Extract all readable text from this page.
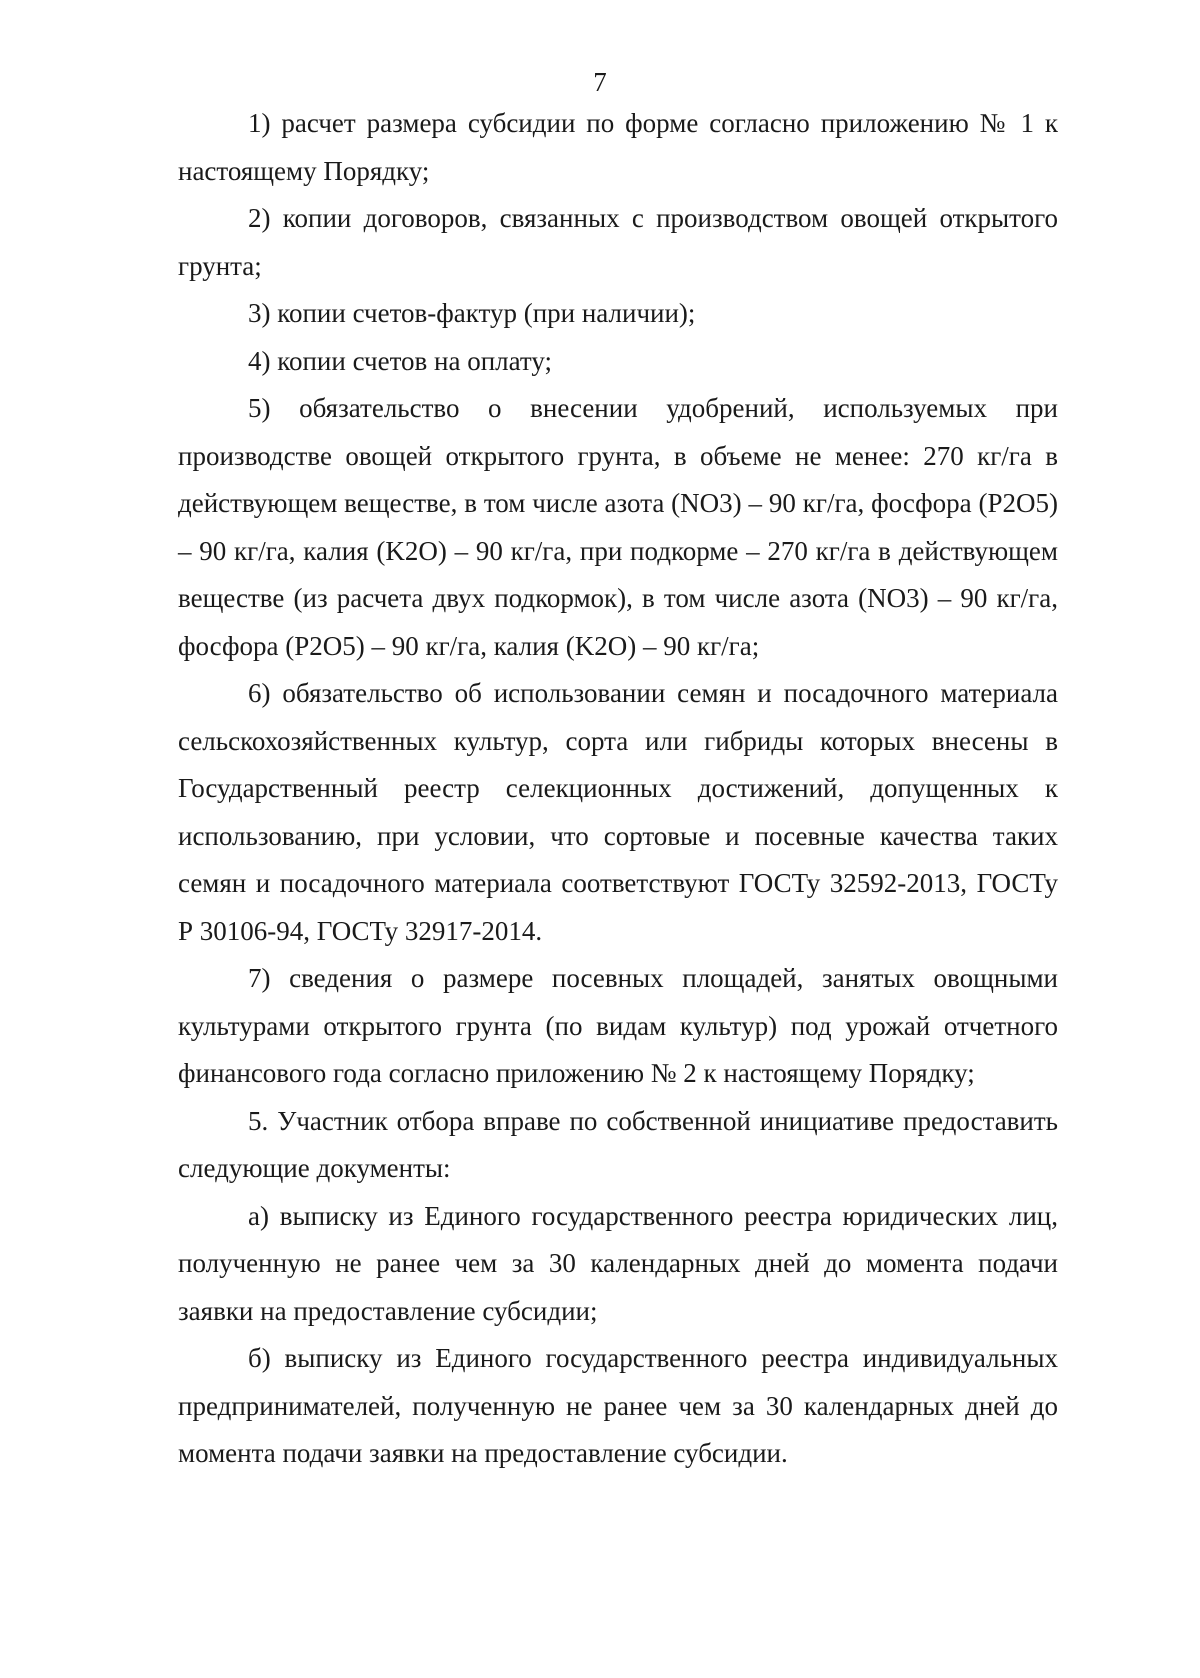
7

1) расчет размера субсидии по форме согласно приложению № 1 к настоящему Порядку;

2) копии договоров, связанных с производством овощей открытого грунта;

3) копии счетов-фактур (при наличии);

4) копии счетов на оплату;

5) обязательство о внесении удобрений, используемых при производстве овощей открытого грунта, в объеме не менее: 270 кг/га в действующем веществе, в том числе азота (NO3) – 90 кг/га, фосфора (P2O5) – 90 кг/га, калия (K2O) – 90 кг/га, при подкорме – 270 кг/га в действующем веществе (из расчета двух подкормок), в том числе азота (NO3) – 90 кг/га, фосфора (P2O5) – 90 кг/га, калия (K2O) – 90 кг/га;

6) обязательство об использовании семян и посадочного материала сельскохозяйственных культур, сорта или гибриды которых внесены в Государственный реестр селекционных достижений, допущенных к использованию, при условии, что сортовые и посевные качества таких семян и посадочного материала соответствуют ГОСТу 32592-2013, ГОСТу Р 30106-94, ГОСТу 32917-2014.

7) сведения о размере посевных площадей, занятых овощными культурами открытого грунта (по видам культур) под урожай отчетного финансового года согласно приложению № 2 к настоящему Порядку;

5. Участник отбора вправе по собственной инициативе предоставить следующие документы:

а) выписку из Единого государственного реестра юридических лиц, полученную не ранее чем за 30 календарных дней до момента подачи заявки на предоставление субсидии;

б) выписку из Единого государственного реестра индивидуальных предпринимателей, полученную не ранее чем за 30 календарных дней до момента подачи заявки на предоставление субсидии.
